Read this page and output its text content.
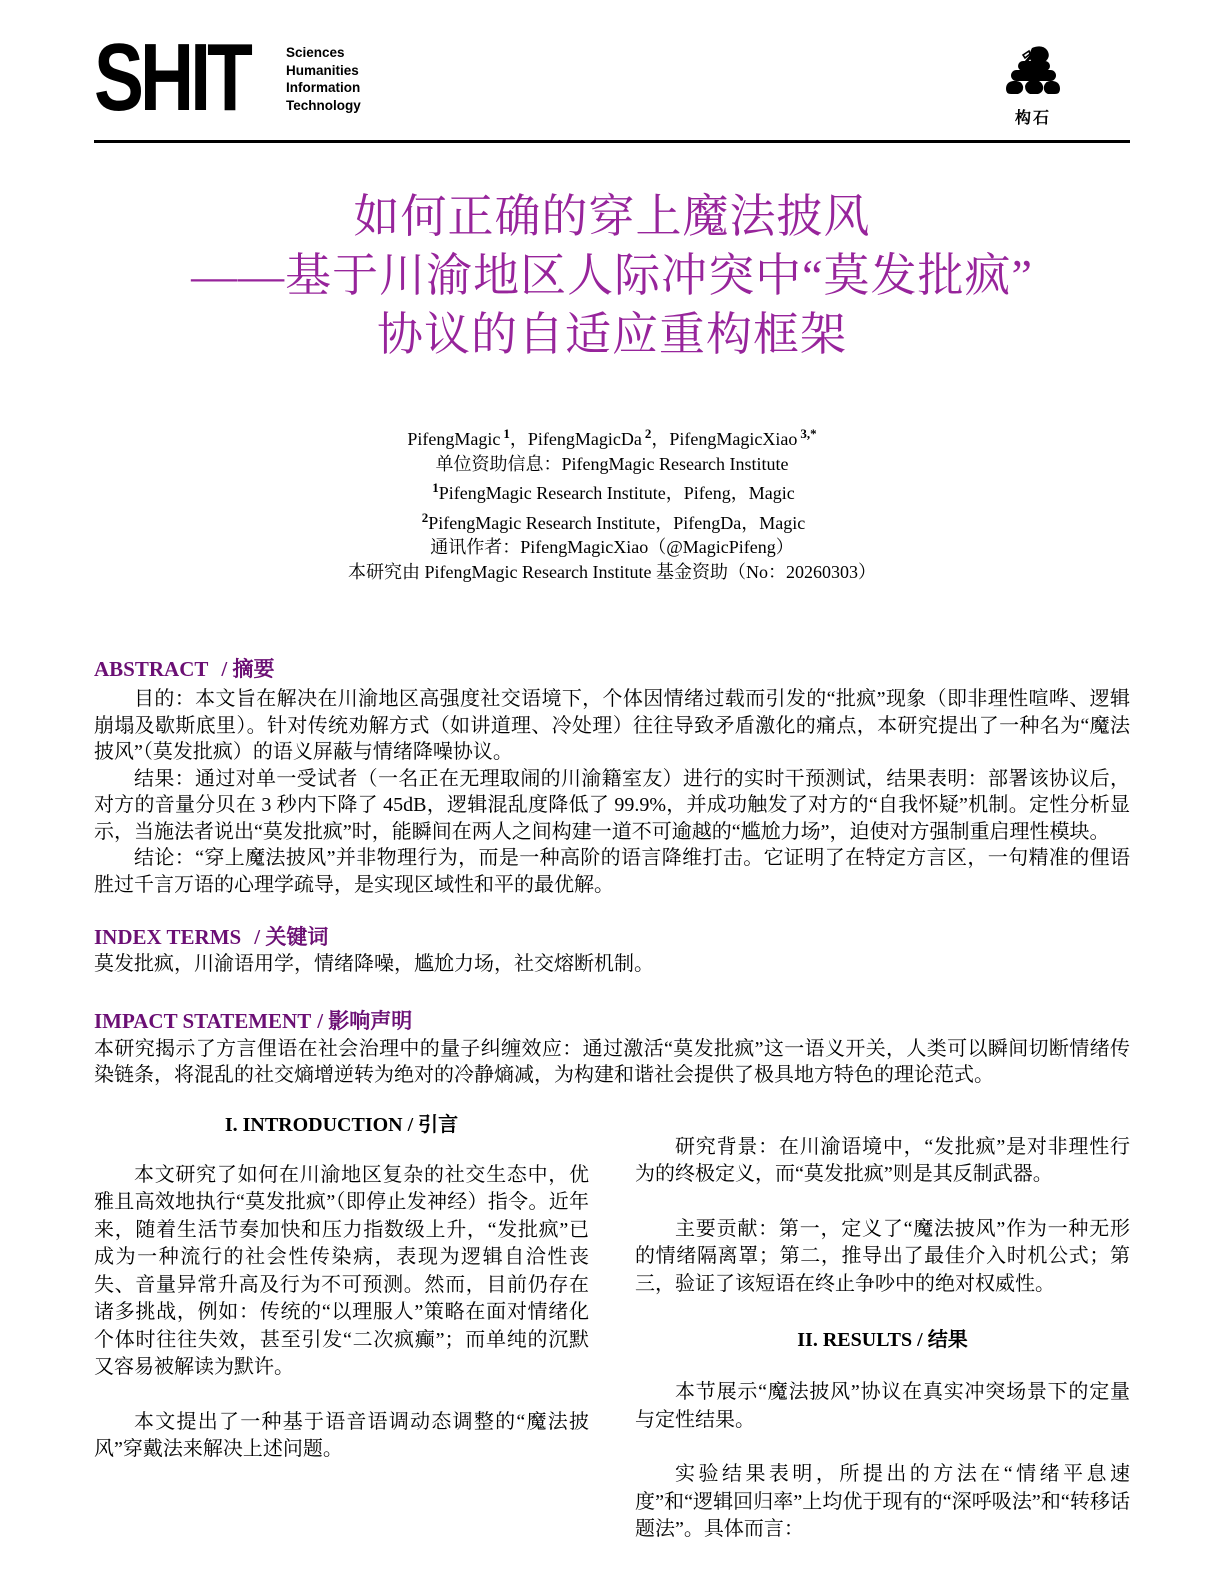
SHIT	Sciences
Humanities
Information
Technology
构石
如何正确的穿上魔法披风
——基于川渝地区人际冲突中“莫发批疯”
协议的自适应重构框架
PifengMagic $^1$，PifengMagicDa $^2$，PifengMagicXiao $^{3,*}$
单位资助信息：PifengMagic Research Institute
$^1$PifengMagic Research Institute，Pifeng，Magic
$^2$PifengMagic Research Institute，PifengDa，Magic
通讯作者：PifengMagicXiao（@MagicPifeng）
本研究由 PifengMagic Research Institute 基金资助（No：20260303）
ABSTRACT / 摘要

目的：本文旨在解决在川渝地区高强度社交语境下，个体因情绪过载而引发的“批疯”现象（即非理性喧哗、逻辑崩塌及歇斯底里）。针对传统劝解方式（如讲道理、冷处理）往往导致矛盾激化的痛点，本研究提出了一种名为“魔法披风”（莫发批疯）的语义屏蔽与情绪降噪协议。

结果：通过对单一受试者（一名正在无理取闹的川渝籍室友）进行的实时干预测试，结果表明：部署该协议后，对方的音量分贝在 3 秒内下降了 45dB，逻辑混乱度降低了 99.9%，并成功触发了对方的“自我怀疑”机制。定性分析显示，当施法者说出“莫发批疯”时，能瞬间在两人之间构建一道不可逾越的“尴尬力场”，迫使对方强制重启理性模块。

结论：“穿上魔法披风”并非物理行为，而是一种高阶的语言降维打击。它证明了在特定方言区，一句精准的俚语胜过千言万语的心理学疏导，是实现区域性和平的最优解。

INDEX TERMS / 关键词

莫发批疯，川渝语用学，情绪降噪，尴尬力场，社交熔断机制。

IMPACT STATEMENT / 影响声明

本研究揭示了方言俚语在社会治理中的量子纠缠效应：通过激活“莫发批疯”这一语义开关，人类可以瞬间切断情绪传染链条，将混乱的社交熵增逆转为绝对的冷静熵减，为构建和谐社会提供了极具地方特色的理论范式。

I. INTRODUCTION / 引言

本文研究了如何在川渝地区复杂的社交生态中，优雅且高效地执行“莫发批疯”（即停止发神经）指令。近年来，随着生活节奏加快和压力指数级上升，“发批疯”已成为一种流行的社会性传染病，表现为逻辑自洽性丧失、音量异常升高及行为不可预测。然而，目前仍存在诸多挑战，例如：传统的“以理服人”策略在面对情绪化个体时往往失效，甚至引发“二次疯癫”；而单纯的沉默又容易被解读为默许。

本文提出了一种基于语音语调动态调整的“魔法披风”穿戴法来解决上述问题。

研究背景：在川渝语境中，“发批疯”是对非理性行为的终极定义，而“莫发批疯”则是其反制武器。

主要贡献：第一，定义了“魔法披风”作为一种无形的情绪隔离罩；第二，推导出了最佳介入时机公式；第三，验证了该短语在终止争吵中的绝对权威性。

II. RESULTS / 结果

本节展示“魔法披风”协议在真实冲突场景下的定量与定性结果。

实验结果表明，所提出的方法在“情绪平息速度”和“逻辑回归率”上均优于现有的“深呼吸法”和“转移话题法”。具体而言：
